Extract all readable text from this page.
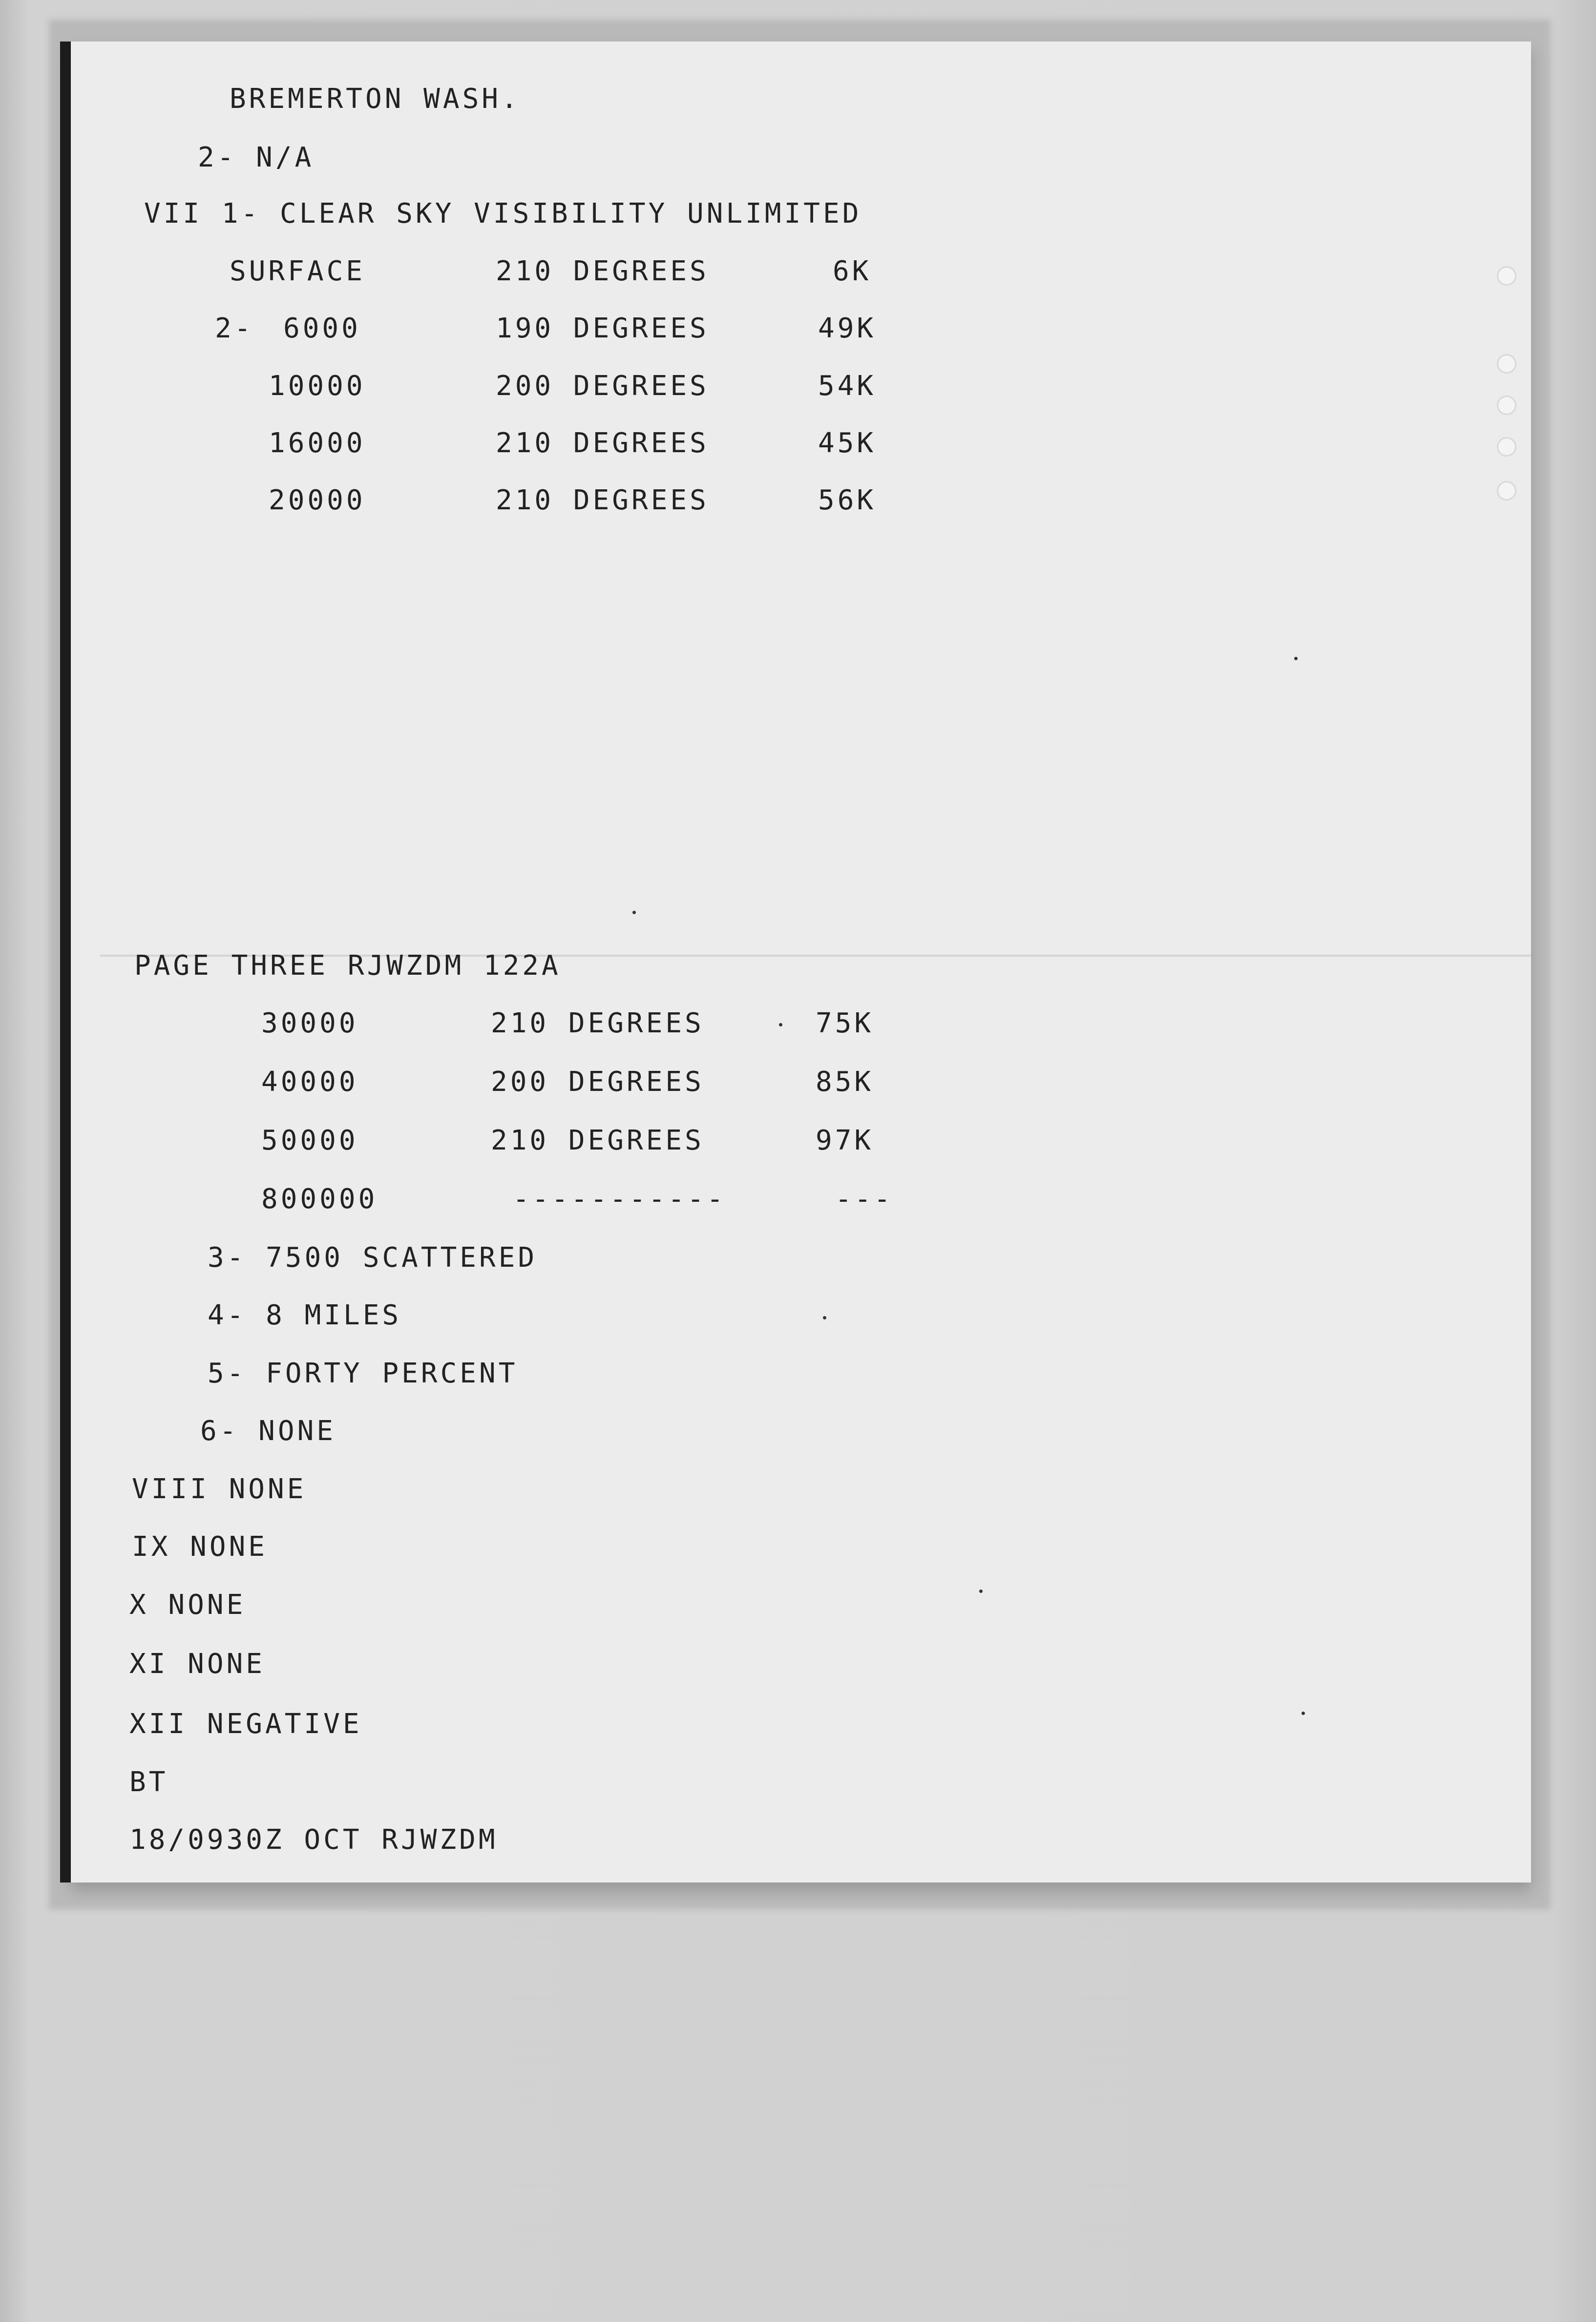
BREMERTON WASH.
2- N/A
VII 1- CLEAR SKY VISIBILITY UNLIMITED
SURFACE	210 DEGREES	6K
2- 6000	190 DEGREES	49K
10000	200 DEGREES	54K
16000	210 DEGREES	45K
20000	210 DEGREES	56K
PAGE THREE RJWZDM 122A
30000	210 DEGREES	75K
40000	200 DEGREES	85K
50000	210 DEGREES	97K
800000	-----------	---
3- 7500 SCATTERED
4- 8 MILES
5- FORTY PERCENT
6- NONE
VIII NONE
IX NONE
X NONE
XI NONE
XII NEGATIVE
BT
18/0930Z OCT RJWZDM
